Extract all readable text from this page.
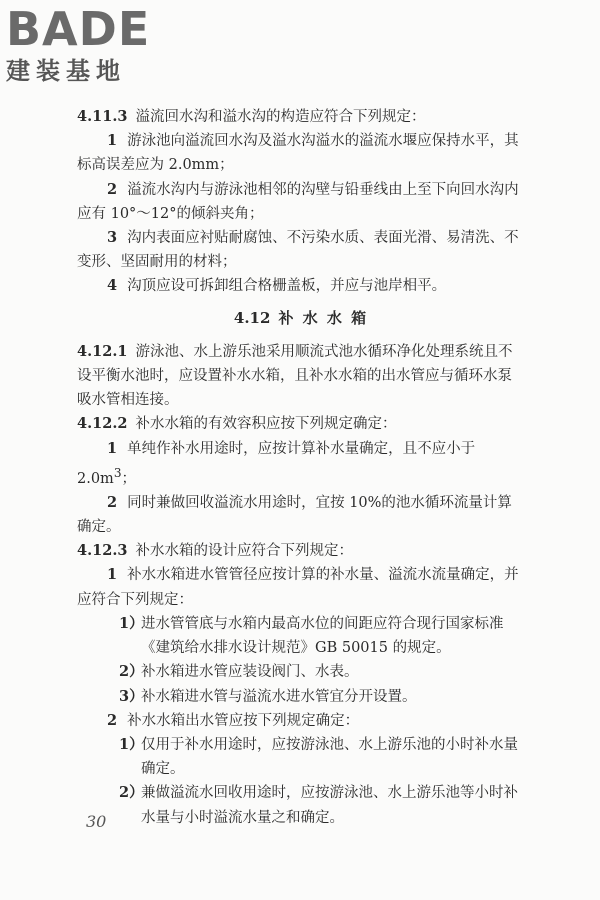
BADE
建装基地

4.11.3 溢流回水沟和溢水沟的构造应符合下列规定：

1 游泳池向溢流回水沟及溢水沟溢水的溢流水堰应保持水平，其标高误差应为 2.0mm；

2 溢流水沟内与游泳池相邻的沟壁与铅垂线由上至下向回水沟内应有 10°～12°的倾斜夹角；

3 沟内表面应衬贴耐腐蚀、不污染水质、表面光滑、易清洗、不变形、坚固耐用的材料；

4 沟顶应设可拆卸组合格栅盖板，并应与池岸相平。

4.12 补 水 水 箱

4.12.1 游泳池、水上游乐池采用顺流式池水循环净化处理系统且不设平衡水池时，应设置补水水箱，且补水水箱的出水管应与循环水泵吸水管相连接。

4.12.2 补水水箱的有效容积应按下列规定确定：

1 单纯作补水用途时，应按计算补水量确定，且不应小于 $2.0m^3$；

2 同时兼做回收溢流水用途时，宜按 10%的池水循环流量计算确定。

4.12.3 补水水箱的设计应符合下列规定：

1 补水水箱进水管管径应按计算的补水量、溢流水流量确定，并应符合下列规定：

1）
进水管管底与水箱内最高水位的间距应符合现行国家标准《建筑给水排水设计规范》GB 50015 的规定。

2）
补水箱进水管应装设阀门、水表。

3）
补水箱进水管与溢流水进水管宜分开设置。

2 补水水箱出水管应按下列规定确定：

1）
仅用于补水用途时，应按游泳池、水上游乐池的小时补水量确定。

2）
兼做溢流水回收用途时，应按游泳池、水上游乐池等小时补水量与小时溢流水量之和确定。

30
